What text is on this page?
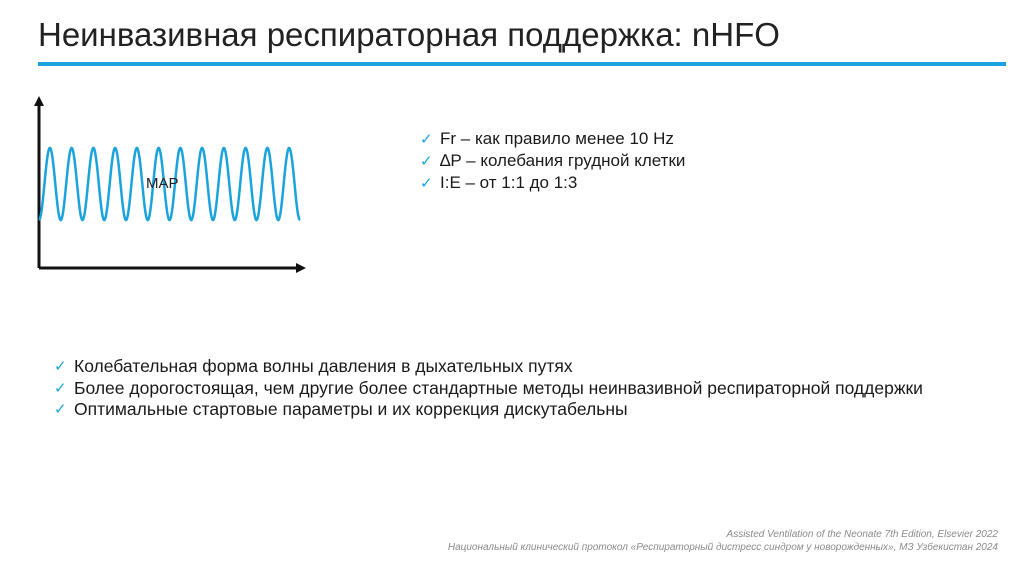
Неинвазивная респираторная поддержка: nHFO
MAP
✓ Fr – как правило менее 10 Hz
✓ ∆P – колебания грудной клетки
✓ I:E – от 1:1 до 1:3
✓ Колебательная форма волны давления в дыхательных путях
✓ Более дорогостоящая, чем другие более стандартные методы неинвазивной респираторной поддержки
✓ Оптимальные стартовые параметры и их коррекция дискутабельны
Assisted Ventilation of the Neonate 7th Edition, Elsevier 2022
Национальный клинический протокол «Респираторный дистресс синдром у новорожденных», МЗ Узбекистан 2024
